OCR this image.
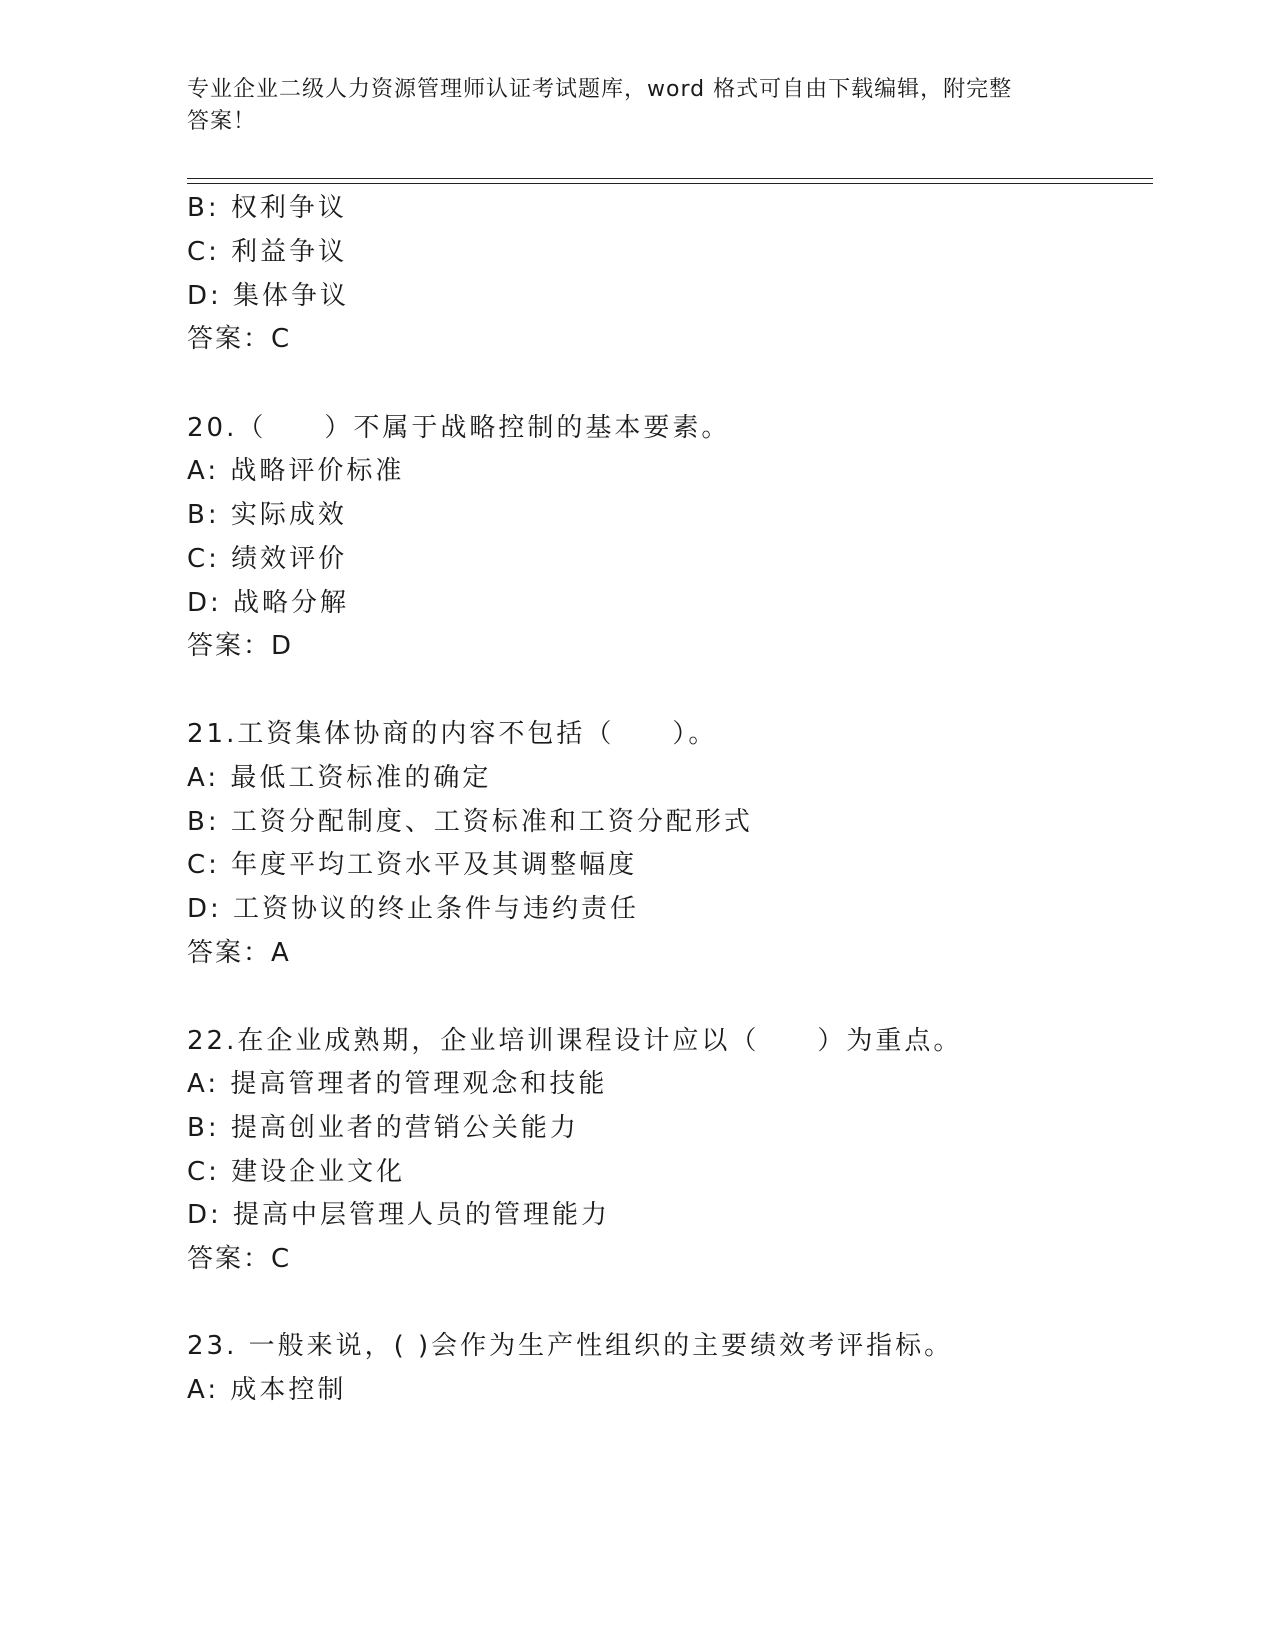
专业企业二级人力资源管理师认证考试题库，word 格式可自由下载编辑，附完整
答案！
B: 权利争议
C: 利益争议
D: 集体争议
答案：C
20.（　　）不属于战略控制的基本要素。
A: 战略评价标准
B: 实际成效
C: 绩效评价
D: 战略分解
答案：D
21.工资集体协商的内容不包括（　　）。
A: 最低工资标准的确定
B: 工资分配制度、工资标准和工资分配形式
C: 年度平均工资水平及其调整幅度
D: 工资协议的终止条件与违约责任
答案：A
22.在企业成熟期，企业培训课程设计应以（　　）为重点。
A: 提高管理者的管理观念和技能
B: 提高创业者的营销公关能力
C: 建设企业文化
D: 提高中层管理人员的管理能力
答案：C
23. 一般来说，( )会作为生产性组织的主要绩效考评指标。
A: 成本控制
